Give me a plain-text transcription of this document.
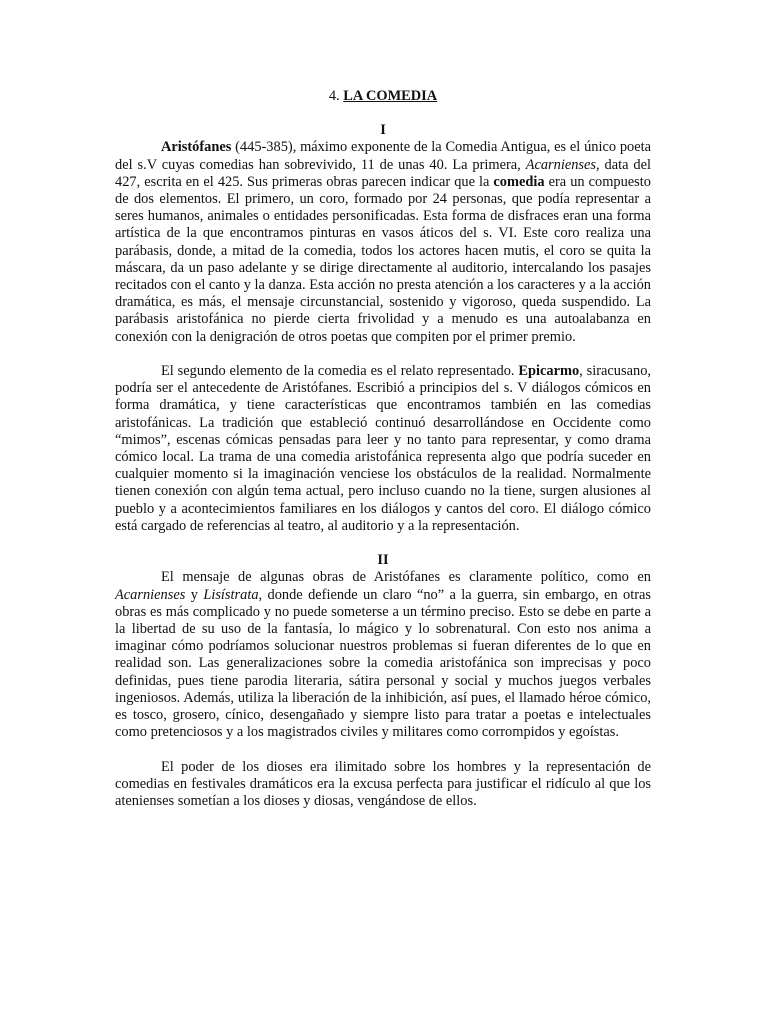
4. LA COMEDIA

I

Aristófanes (445-385), máximo exponente de la Comedia Antigua, es el único poeta del s.V cuyas comedias han sobrevivido, 11 de unas 40. La primera, Acarnienses, data del 427, escrita en el 425. Sus primeras obras parecen indicar que la comedia era un compuesto de dos elementos. El primero, un coro, formado por 24 personas, que podía representar a seres humanos, animales o entidades personificadas. Esta forma de disfraces eran una forma artística de la que encontramos pinturas en vasos áticos del s. VI. Este coro realiza una parábasis, donde, a mitad de la comedia, todos los actores hacen mutis, el coro se quita la máscara, da un paso adelante y se dirige directamente al auditorio, intercalando los pasajes recitados con el canto y la danza. Esta acción no presta atención a los caracteres y a la acción dramática, es más, el mensaje circunstancial, sostenido y vigoroso, queda suspendido. La parábasis aristofánica no pierde cierta frivolidad y a menudo es una autoalabanza en conexión con la denigración de otros poetas que compiten por el primer premio.

El segundo elemento de la comedia es el relato representado. Epicarmo, siracusano, podría ser el antecedente de Aristófanes. Escribió a principios del s. V diálogos cómicos en forma dramática, y tiene características que encontramos también en las comedias aristofánicas. La tradición que estableció continuó desarrollándose en Occidente como “mimos”, escenas cómicas pensadas para leer y no tanto para representar, y como drama cómico local. La trama de una comedia aristofánica representa algo que podría suceder en cualquier momento si la imaginación venciese los obstáculos de la realidad. Normalmente tienen conexión con algún tema actual, pero incluso cuando no la tiene, surgen alusiones al pueblo y a acontecimientos familiares en los diálogos y cantos del coro. El diálogo cómico está cargado de referencias al teatro, al auditorio y a la representación.

II

El mensaje de algunas obras de Aristófanes es claramente político, como en Acarnienses y Lisístrata, donde defiende un claro “no” a la guerra, sin embargo, en otras obras es más complicado y no puede someterse a un término preciso. Esto se debe en parte a la libertad de su uso de la fantasía, lo mágico y lo sobrenatural. Con esto nos anima a imaginar cómo podríamos solucionar nuestros problemas si fueran diferentes de lo que en realidad son. Las generalizaciones sobre la comedia aristofánica son imprecisas y poco definidas, pues tiene parodia literaria, sátira personal y social y muchos juegos verbales ingeniosos. Además, utiliza la liberación de la inhibición, así pues, el llamado héroe cómico, es tosco, grosero, cínico, desengañado y siempre listo para tratar a poetas e intelectuales como pretenciosos y a los magistrados civiles y militares como corrompidos y egoístas.

El poder de los dioses era ilimitado sobre los hombres y la representación de comedias en festivales dramáticos era la excusa perfecta para justificar el ridículo al que los atenienses sometían a los dioses y diosas, vengándose de ellos.
